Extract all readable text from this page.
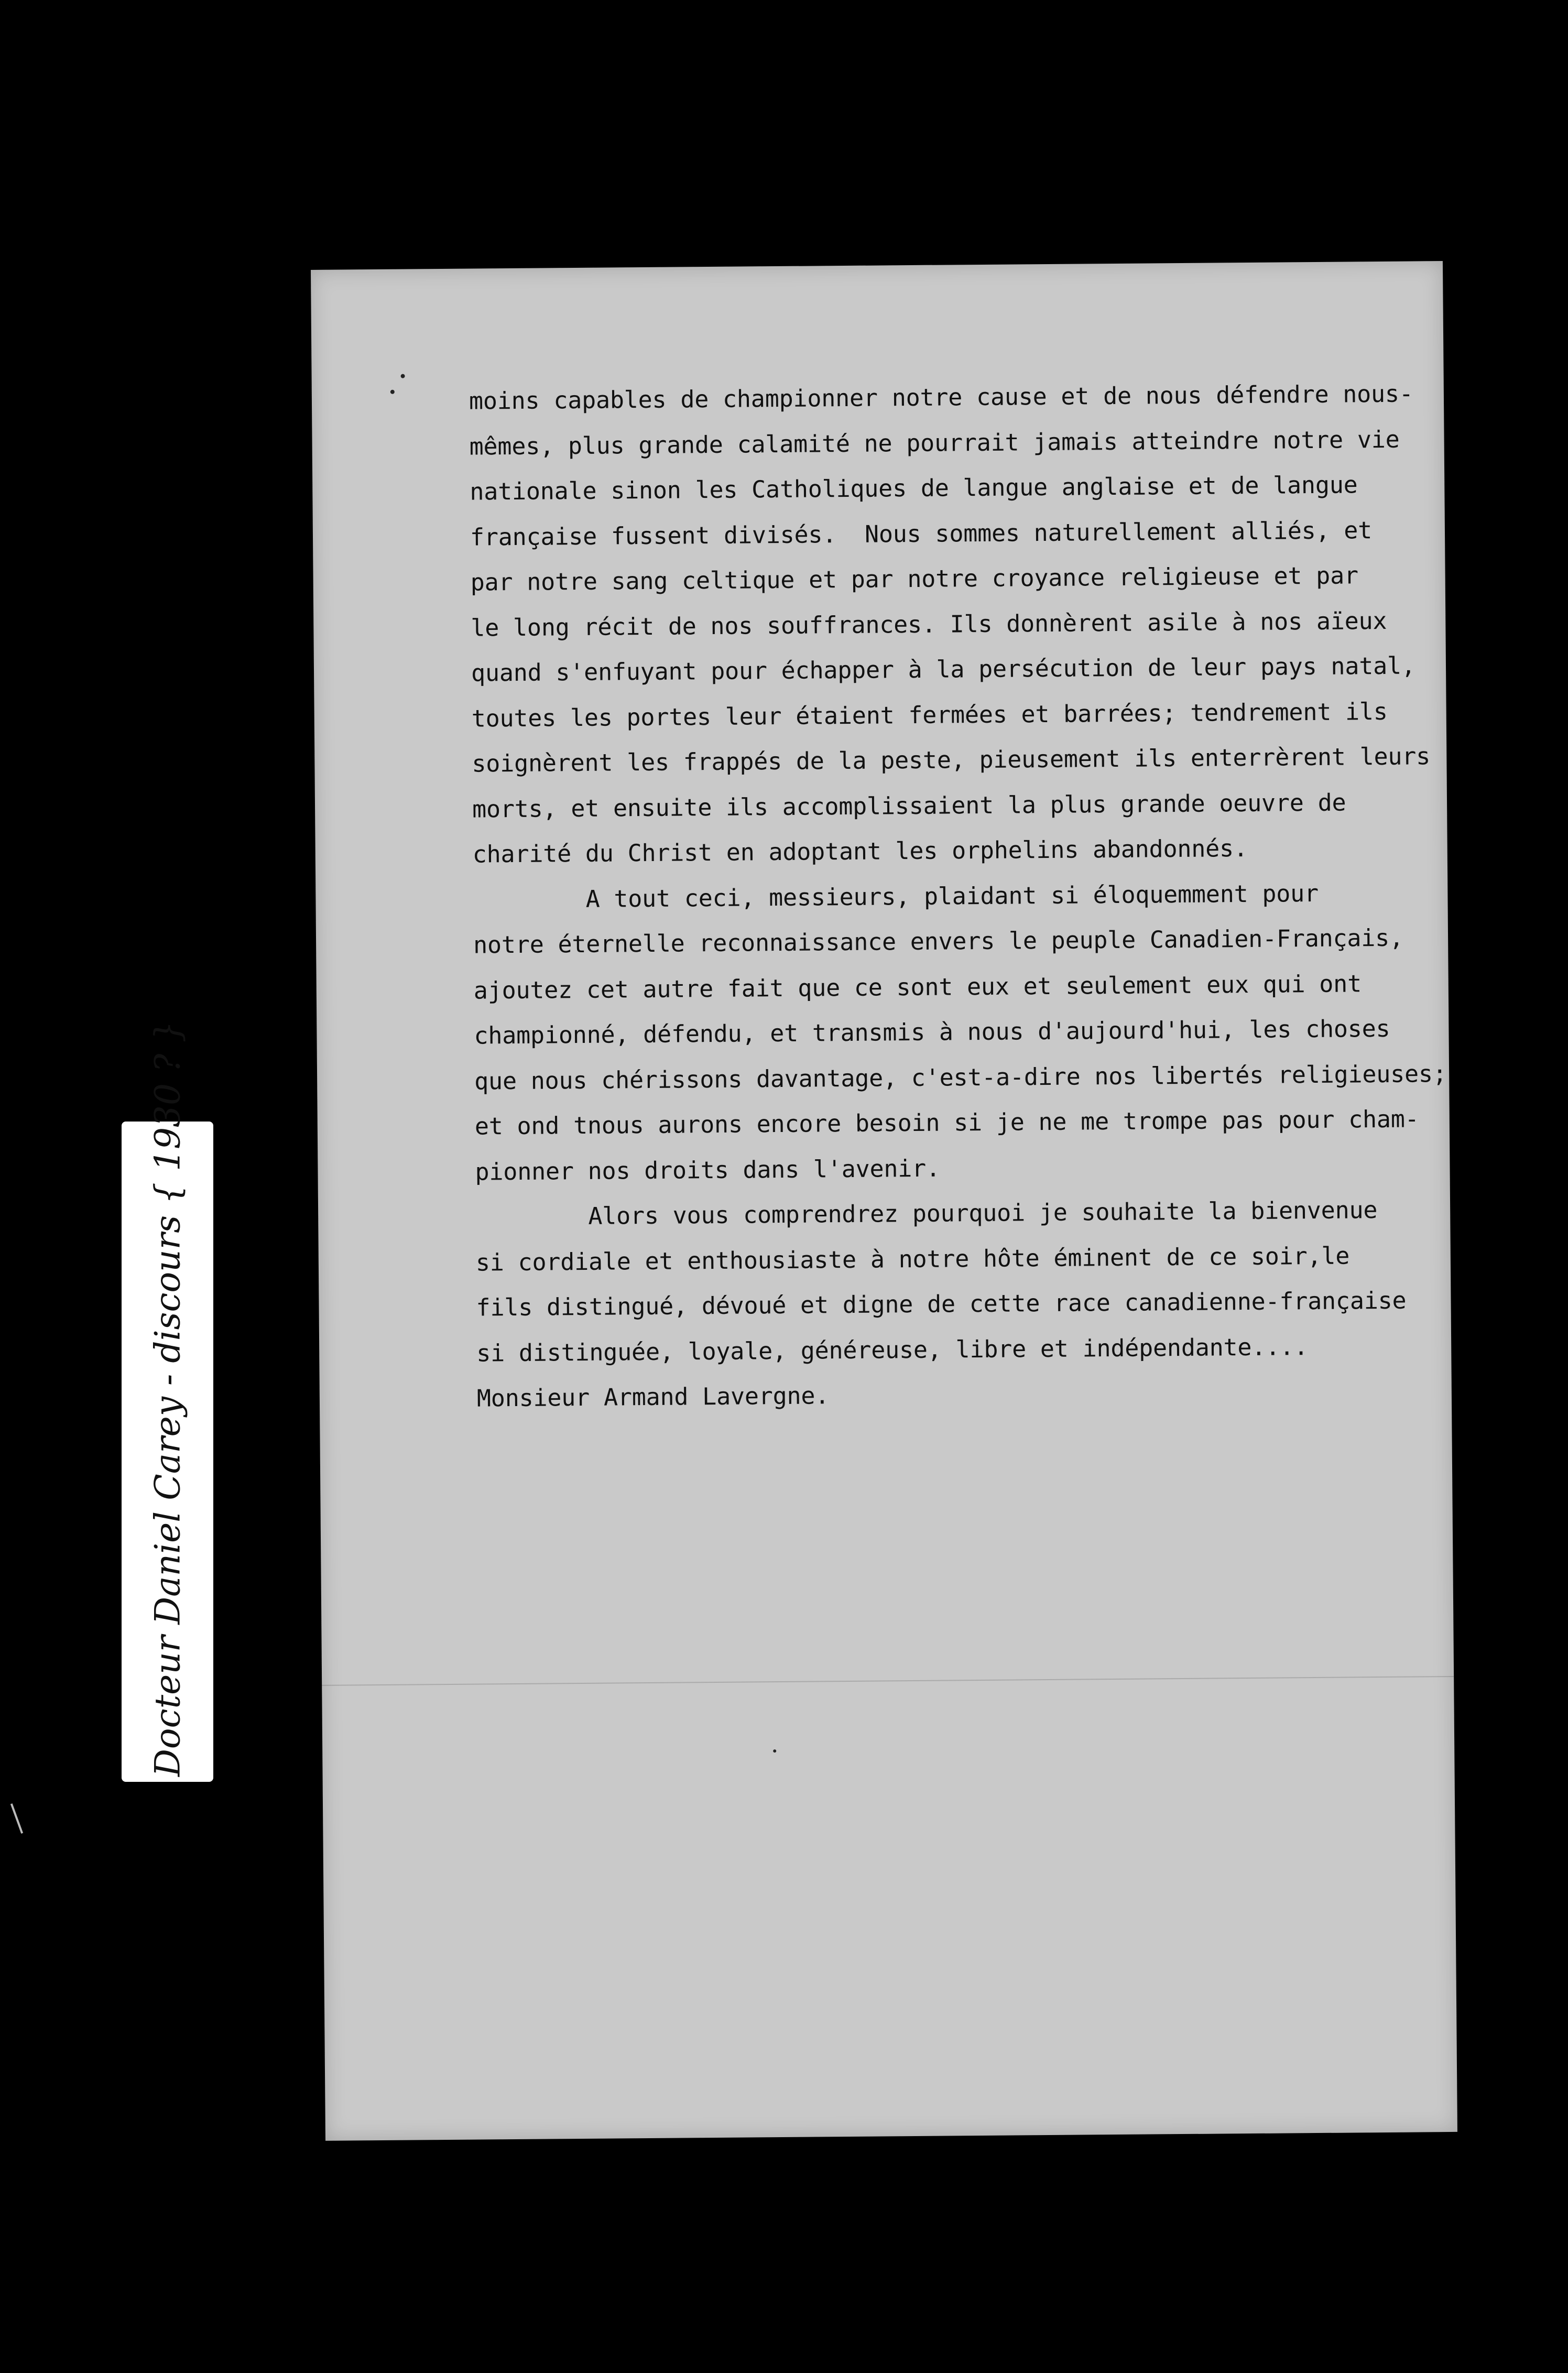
moins capables de championner notre cause et de nous défendre nous-
mêmes, plus grande calamité ne pourrait jamais atteindre notre vie
nationale sinon les Catholiques de langue anglaise et de langue
française fussent divisés.  Nous sommes naturellement alliés, et
par notre sang celtique et par notre croyance religieuse et par
le long récit de nos souffrances. Ils donnèrent asile à nos aïeux
quand s'enfuyant pour échapper à la persécution de leur pays natal,
toutes les portes leur étaient fermées et barrées; tendrement ils
soignèrent les frappés de la peste, pieusement ils enterrèrent leurs
morts, et ensuite ils accomplissaient la plus grande oeuvre de
charité du Christ en adoptant les orphelins abandonnés.
A tout ceci, messieurs, plaidant si éloquemment pour
notre éternelle reconnaissance envers le peuple Canadien-Français,
ajoutez cet autre fait que ce sont eux et seulement eux qui ont
championné, défendu, et transmis à nous d'aujourd'hui, les choses
que nous chérissons davantage, c'est-a-dire nos libertés religieuses;
et ond tnous aurons encore besoin si je ne me trompe pas pour cham-
pionner nos droits dans l'avenir.
Alors vous comprendrez pourquoi je souhaite la bienvenue
si cordiale et enthousiaste à notre hôte éminent de ce soir,le
fils distingué, dévoué et digne de cette race canadienne-française
si distinguée, loyale, généreuse, libre et indépendante....
Monsieur Armand Lavergne.
Docteur Daniel Carey - discours { 1930 ? }
